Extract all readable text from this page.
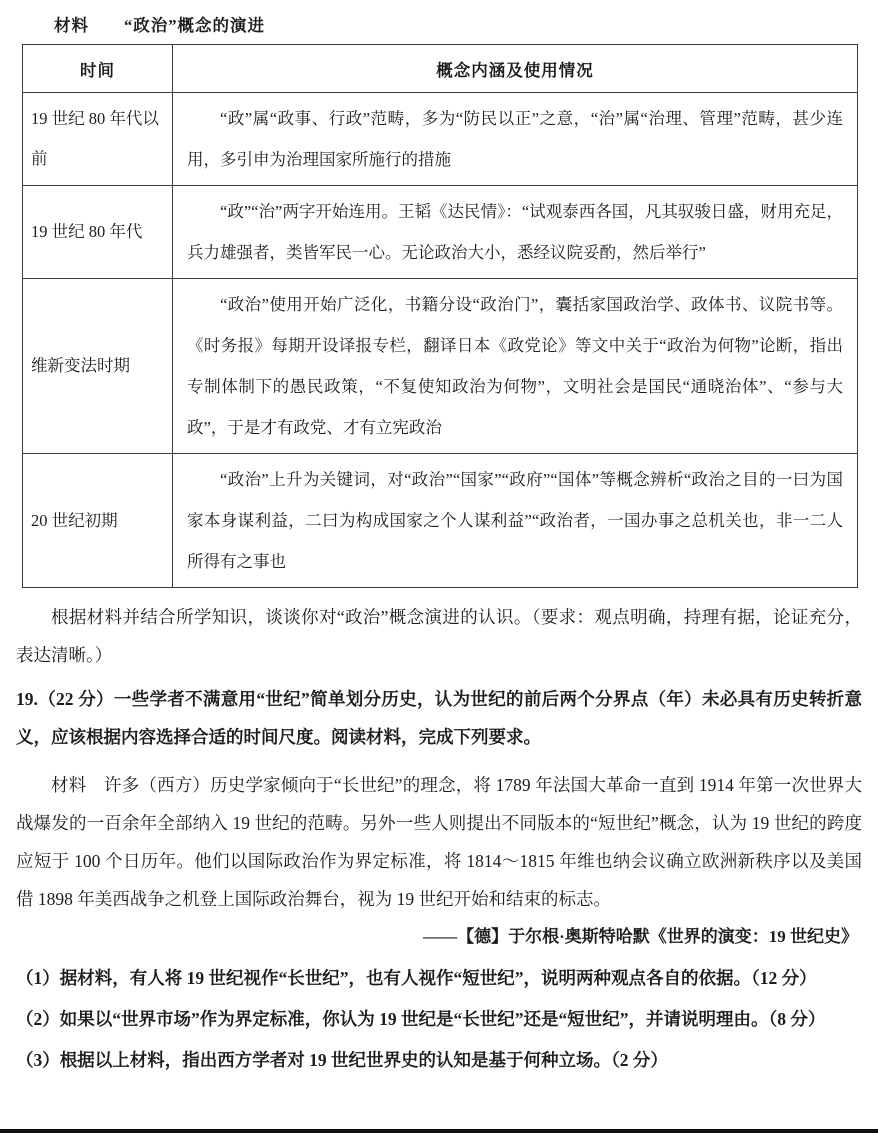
材料　　“政治”概念的演进
时间	概念内涵及使用情况
19 世纪 80 年代以前	“政”属“政事、行政”范畴，多为“防民以正”之意，“治”属“治理、管理”范畴，甚少连用，多引申为治理国家所施行的措施

19 世纪 80 年代	“政”“治”两字开始连用。王韬《达民情》：“试观泰西各国，凡其驭骏日盛，财用充足，兵力雄强者，类皆军民一心。无论政治大小，悉经议院妥酌，然后举行”

维新变法时期	“政治”使用开始广泛化，书籍分设“政治门”，囊括家国政治学、政体书、议院书等。《时务报》每期开设译报专栏，翻译日本《政党论》等文中关于“政治为何物”论断，指出专制体制下的愚民政策，“不复使知政治为何物”，文明社会是国民“通晓治体”、“参与大政”，于是才有政党、才有立宪政治

20 世纪初期	“政治”上升为关键词，对“政治”“国家”“政府”“国体”等概念辨析“政治之目的一曰为国家本身谋利益，二曰为构成国家之个人谋利益”“政治者，一国办事之总机关也，非一二人所得有之事也

根据材料并结合所学知识，谈谈你对“政治”概念演进的认识。（要求：观点明确，持理有据，论证充分，表达清晰。）

19.（22 分）一些学者不满意用“世纪”简单划分历史，认为世纪的前后两个分界点（年）未必具有历史转折意义，应该根据内容选择合适的时间尺度。阅读材料，完成下列要求。

材料　许多（西方）历史学家倾向于“长世纪”的理念，将 1789 年法国大革命一直到 1914 年第一次世界大战爆发的一百余年全部纳入 19 世纪的范畴。另外一些人则提出不同版本的“短世纪”概念，认为 19 世纪的跨度应短于 100 个日历年。他们以国际政治作为界定标准，将 1814～1815 年维也纳会议确立欧洲新秩序以及美国借 1898 年美西战争之机登上国际政治舞台，视为 19 世纪开始和结束的标志。

——【德】于尔根·奥斯特哈默《世界的演变：19 世纪史》

（1）据材料，有人将 19 世纪视作“长世纪”，也有人视作“短世纪”，说明两种观点各自的依据。（12 分）

（2）如果以“世界市场”作为界定标准，你认为 19 世纪是“长世纪”还是“短世纪”，并请说明理由。（8 分）

（3）根据以上材料，指出西方学者对 19 世纪世界史的认知是基于何种立场。（2 分）
